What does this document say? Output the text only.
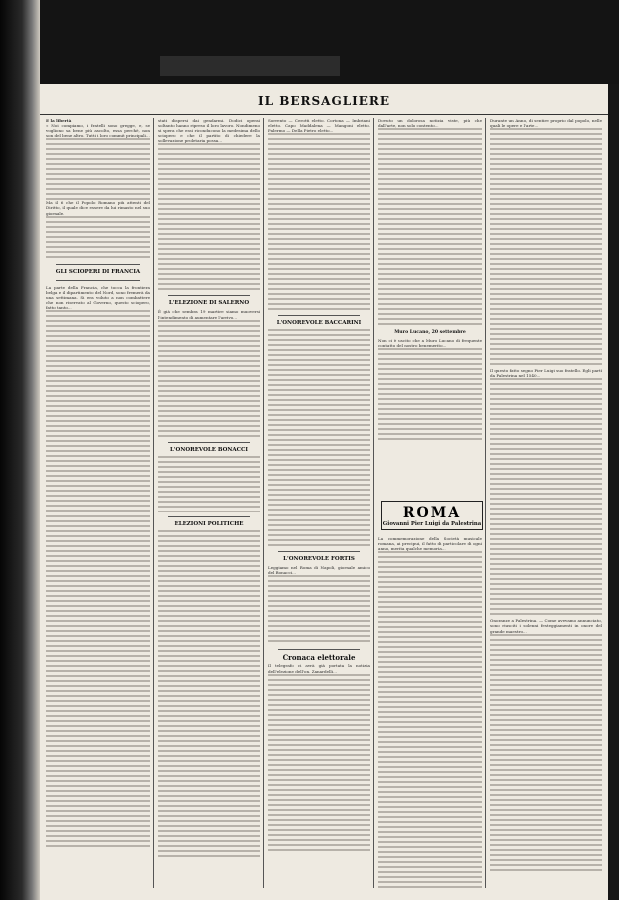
IL BERSAGLIERE

E la libertà

« Noi compiamo, i fratelli sono gregge, e, se vogliono sa bene più ascolto, essa perchè, non son del bene altro. Tutti i loro commit principali...

Ma il 6 che il Popolo Romano più attenti del Diritto, il quale dice essere da lui rimasto nel suo giornale.

GLI SCIOPERI DI FRANCIA

La parte della Francia, che tocca la frontiera belga e il dipartimento del Nord, sono fremerà da una settimana. Si era voluto a non combattere che non riservato al Governo, questo sciopero, fatto tanto...

stati dispersi dai gendarmi. Dodici operai soltanto hanno ripreso il loro lavoro. Nondimeno si spera che essi riconducono la medesima dello sciopero e che il partito di chiedere la sollevazione proletaria possa...

L'ELEZIONE DI SALERNO

È già che sembra 19 martire siamo muoversi l'intendimento di aumentare l'arrivo...

L'ONOREVOLE BONACCI
ELEZIONI POLITICHE

Sorrento — Cerotti eletto. Cortona — Imbriani eletto. Capo Maddalena — Mangoni eletto. Palermo — Della Pietro eletto...

L'ONOREVOLE BACCARINI
L'ONOREVOLE FORTIS

Leggiamo nel Roma di Napoli, giornale amico del Bonacci...

Cronaca elettorale

Il telegrafo ci avrà già portata la notizia dell'elezione dell'on. Zanardelli...

Dovuto un dolorosa notizia viste, più che dall'arte, non solo contento...

Muro Lucano, 20 settembre

Non ci è uscito che a Muro Lucano di frequente contatto del nostro benemerito...

ROMA
Giovanni Pier Luigi da Palestrina

La commemorazione della Società musicale romana, ai precipui, il fatto di particolare di ogni anno, merita qualche memoria...

Durante un Anno, di sentire proprio dal popolo, nelle quali le opere e l'arte...

Il questo fatto segno Pier Luigi suo fratello. Egli partì da Palestrina nel 1540...

Onoranze a Palestrina. — Come avevamo annunciato, sono riusciti i solenni festeggiamenti in onore del grande maestro...
